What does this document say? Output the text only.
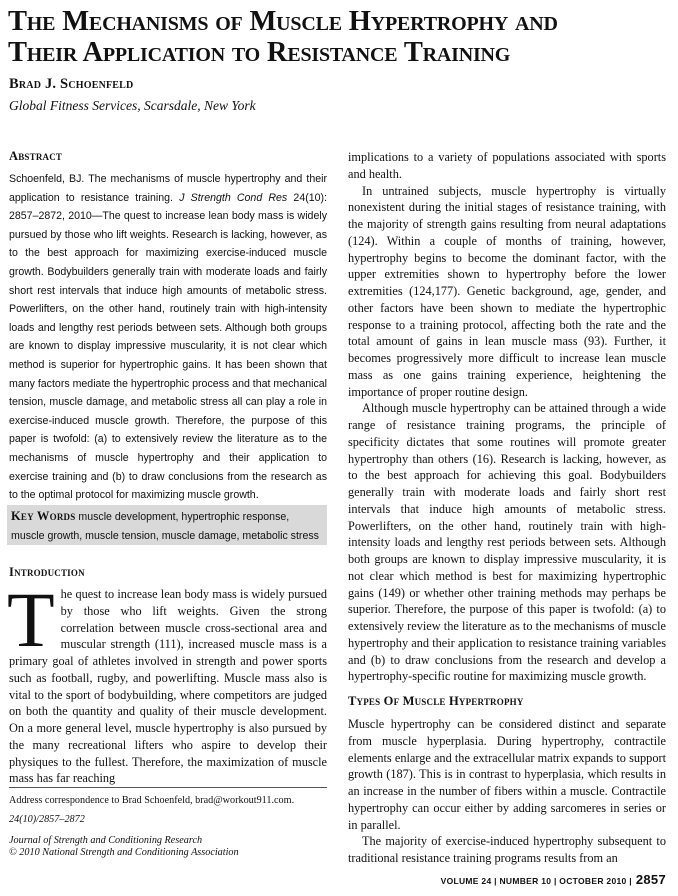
The Mechanisms of Muscle Hypertrophy and
Their Application to Resistance Training
Brad J. Schoenfeld
Global Fitness Services, Scarsdale, New York
Abstract

Schoenfeld, BJ. The mechanisms of muscle hypertrophy and their application to resistance training. J Strength Cond Res 24(10): 2857–2872, 2010—The quest to increase lean body mass is widely pursued by those who lift weights. Research is lacking, however, as to the best approach for maximizing exercise-induced muscle growth. Bodybuilders generally train with moderate loads and fairly short rest intervals that induce high amounts of metabolic stress. Powerlifters, on the other hand, routinely train with high-intensity loads and lengthy rest periods between sets. Although both groups are known to display impressive muscularity, it is not clear which method is superior for hypertrophic gains. It has been shown that many factors mediate the hypertrophic process and that mechanical tension, muscle damage, and metabolic stress all can play a role in exercise-induced muscle growth. Therefore, the purpose of this paper is twofold: (a) to extensively review the literature as to the mechanisms of muscle hypertrophy and their application to exercise training and (b) to draw conclusions from the research as to the optimal protocol for maximizing muscle growth.

Key Words muscle development, hypertrophic response, muscle growth, muscle tension, muscle damage, metabolic stress
Introduction

The quest to increase lean body mass is widely pursued by those who lift weights. Given the strong correlation between muscle cross-sectional area and muscular strength (111), increased muscle mass is a primary goal of athletes involved in strength and power sports such as football, rugby, and powerlifting. Muscle mass also is vital to the sport of bodybuilding, where competitors are judged on both the quantity and quality of their muscle development. On a more general level, muscle hypertrophy is also pursued by the many recreational lifters who aspire to develop their physiques to the fullest. Therefore, the maximization of muscle mass has far reaching

Address correspondence to Brad Schoenfeld, brad@workout911.com.

24(10)/2857–2872

Journal of Strength and Conditioning Research

© 2010 National Strength and Conditioning Association

implications to a variety of populations associated with sports and health.

In untrained subjects, muscle hypertrophy is virtually nonexistent during the initial stages of resistance training, with the majority of strength gains resulting from neural adaptations (124). Within a couple of months of training, however, hypertrophy begins to become the dominant factor, with the upper extremities shown to hypertrophy before the lower extremities (124,177). Genetic background, age, gender, and other factors have been shown to mediate the hypertrophic response to a training protocol, affecting both the rate and the total amount of gains in lean muscle mass (93). Further, it becomes progressively more difficult to increase lean muscle mass as one gains training experience, heightening the importance of proper routine design.

Although muscle hypertrophy can be attained through a wide range of resistance training programs, the principle of specificity dictates that some routines will promote greater hypertrophy than others (16). Research is lacking, however, as to the best approach for achieving this goal. Bodybuilders generally train with moderate loads and fairly short rest intervals that induce high amounts of metabolic stress. Powerlifters, on the other hand, routinely train with high-intensity loads and lengthy rest periods between sets. Although both groups are known to display impressive muscularity, it is not clear which method is best for maximizing hypertrophic gains (149) or whether other training methods may perhaps be superior. Therefore, the purpose of this paper is twofold: (a) to extensively review the literature as to the mechanisms of muscle hypertrophy and their application to resistance training variables and (b) to draw conclusions from the research and develop a hypertrophy-specific routine for maximizing muscle growth.

Types Of Muscle Hypertrophy

Muscle hypertrophy can be considered distinct and separate from muscle hyperplasia. During hypertrophy, contractile elements enlarge and the extracellular matrix expands to support growth (187). This is in contrast to hyperplasia, which results in an increase in the number of fibers within a muscle. Contractile hypertrophy can occur either by adding sarcomeres in series or in parallel.

The majority of exercise-induced hypertrophy subsequent to traditional resistance training programs results from an

VOLUME 24 | NUMBER 10 | OCTOBER 2010 | 2857
